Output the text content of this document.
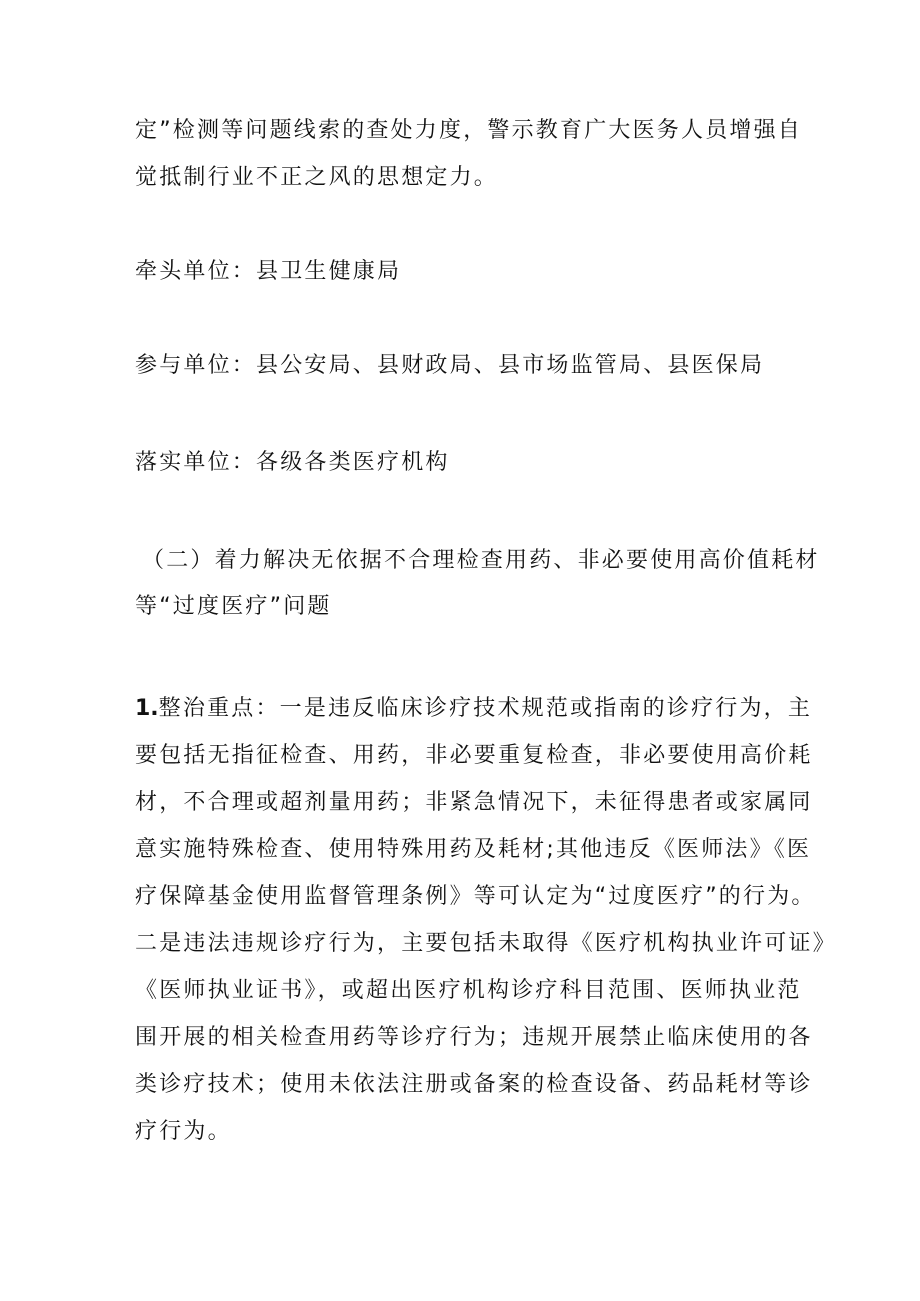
定”检测等问题线索的查处力度，警示教育广大医务人员增强自
觉抵制行业不正之风的思想定力。
牵头单位：县卫生健康局
参与单位：县公安局、县财政局、县市场监管局、县医保局
落实单位：各级各类医疗机构
（二）着力解决无依据不合理检查用药、非必要使用高价值耗材
等“过度医疗”问题
1.整治重点：一是违反临床诊疗技术规范或指南的诊疗行为，主
要包括无指征检查、用药，非必要重复检查，非必要使用高价耗
材，不合理或超剂量用药；非紧急情况下，未征得患者或家属同
意实施特殊检查、使用特殊用药及耗材;其他违反《医师法》《医
疗保障基金使用监督管理条例》等可认定为“过度医疗”的行为。
二是违法违规诊疗行为，主要包括未取得《医疗机构执业许可证》
《医师执业证书》，或超出医疗机构诊疗科目范围、医师执业范
围开展的相关检查用药等诊疗行为；违规开展禁止临床使用的各
类诊疗技术；使用未依法注册或备案的检查设备、药品耗材等诊
疗行为。
